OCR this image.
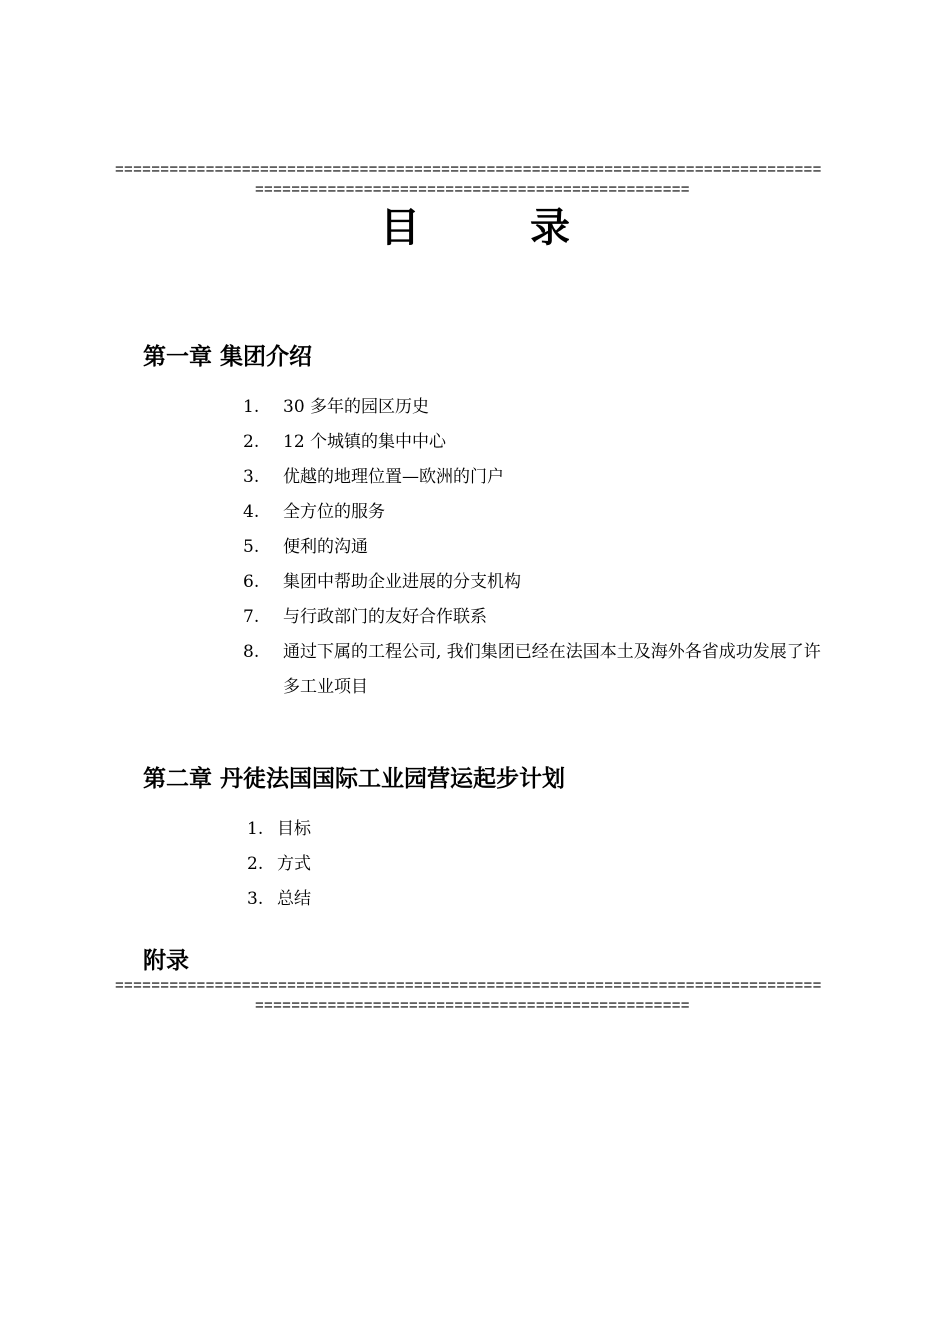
==============================================================================
================================================
目 录
第一章 集团介绍
1.	30 多年的园区历史
2.	12 个城镇的集中中心
3.	优越的地理位置—欧洲的门户
4.	全方位的服务
5.	便利的沟通
6.	集团中帮助企业进展的分支机构
7.	与行政部门的友好合作联系
8.	通过下属的工程公司, 我们集团已经在法国本土及海外各省成功发展了许多工业项目
第二章 丹徒法国国际工业园营运起步计划
1. 目标
2. 方式
3. 总结
附录
==============================================================================
================================================
